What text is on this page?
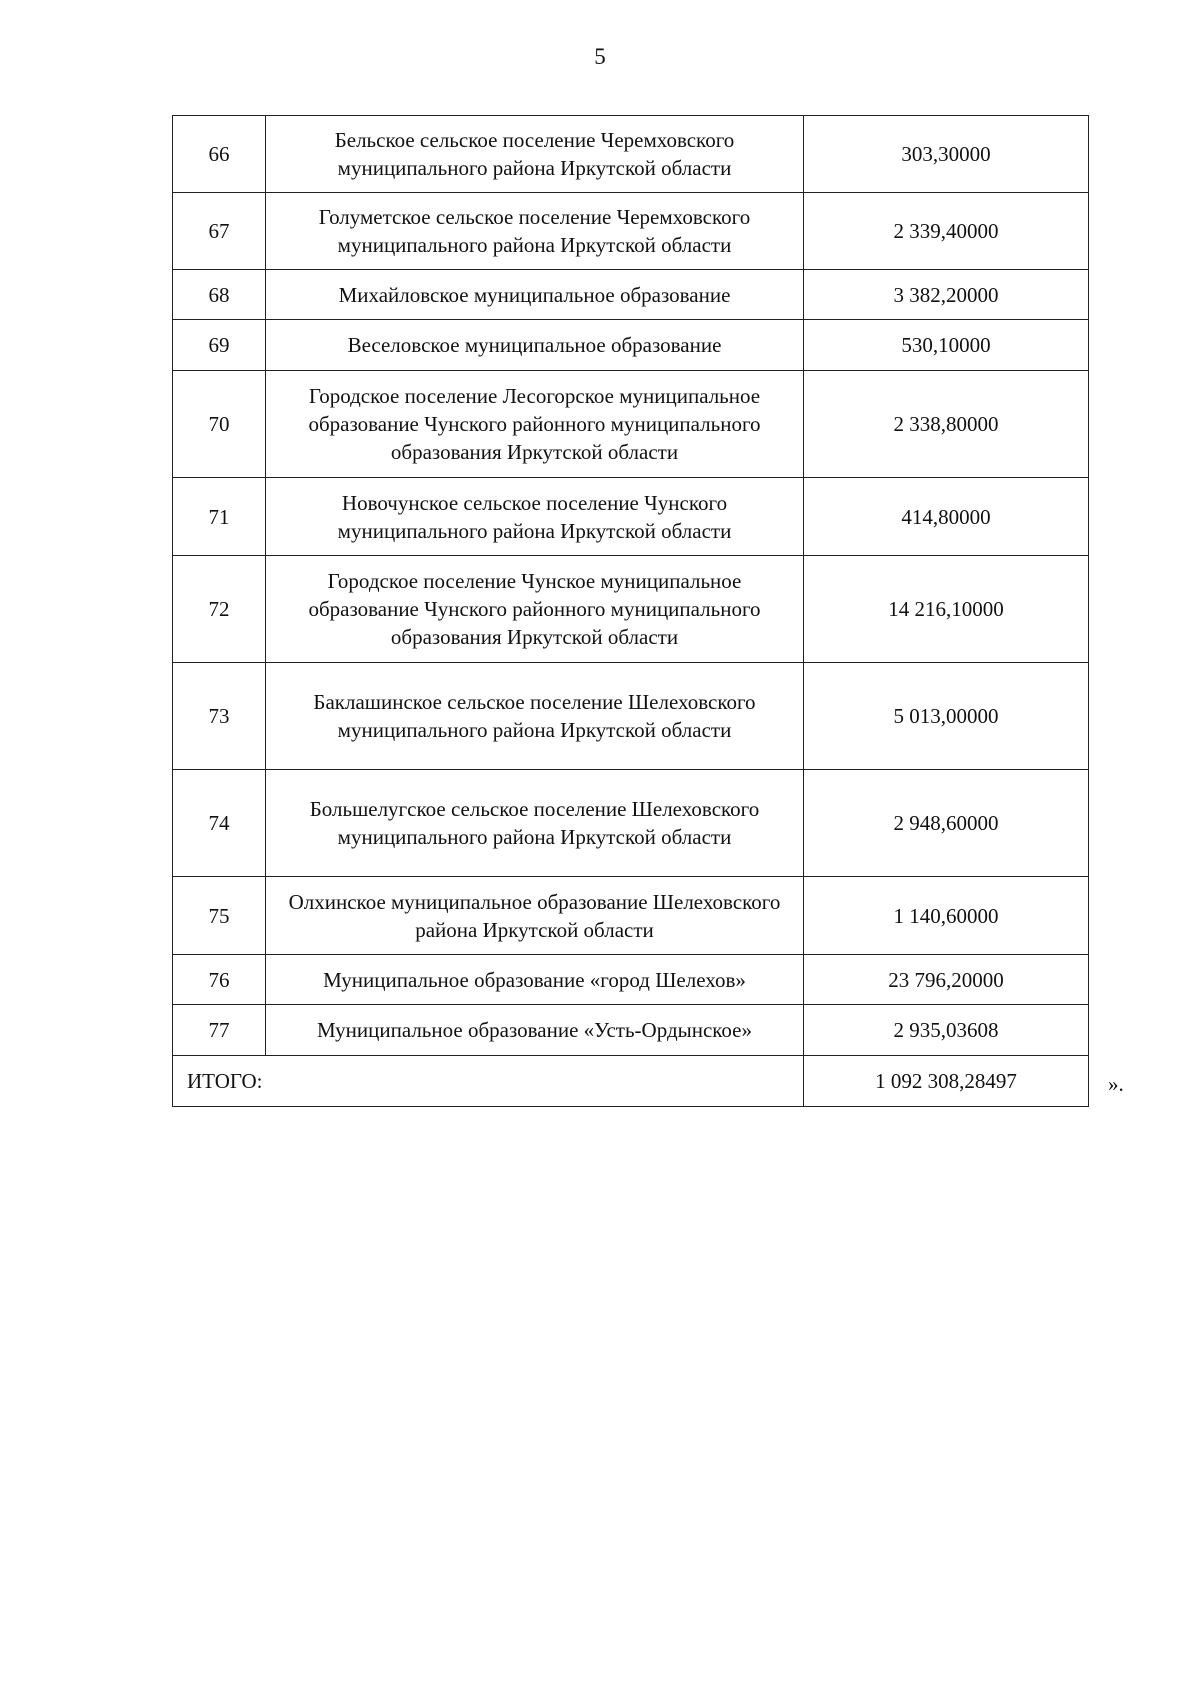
5
66	Бельское сельское поселение Черемховского муниципального района Иркутской области	303,30000
67	Голуметское сельское поселение Черемховского муниципального района Иркутской области	2 339,40000
68	Михайловское муниципальное образование	3 382,20000
69	Веселовское муниципальное образование	530,10000
70	Городское поселение Лесогорское муниципальное образование Чунского районного муниципального образования Иркутской области	2 338,80000
71	Новочунское сельское поселение Чунского муниципального района Иркутской области	414,80000
72	Городское поселение Чунское муниципальное образование Чунского районного муниципального образования Иркутской области	14 216,10000
73	Баклашинское сельское поселение Шелеховского муниципального района Иркутской области	5 013,00000
74	Большелугское сельское поселение Шелеховского муниципального района Иркутской области	2 948,60000
75	Олхинское муниципальное образование Шелеховского района Иркутской области	1 140,60000
76	Муниципальное образование «город Шелехов»	23 796,20000
77	Муниципальное образование «Усть-Ордынское»	2 935,03608
ИТОГО:		1 092 308,28497	».
